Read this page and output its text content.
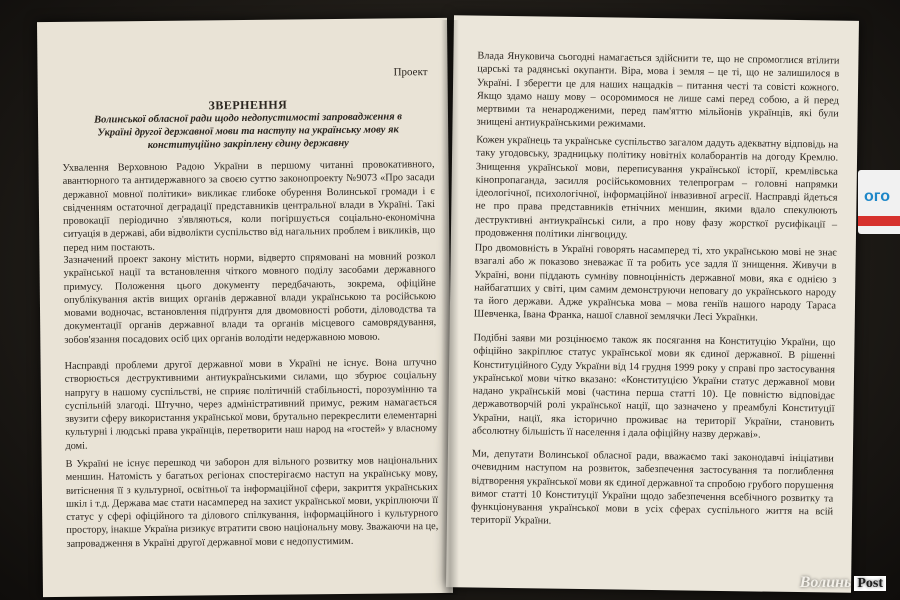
Проект
ЗВЕРНЕННЯ
Волинської обласної ради щодо недопустимості запровадження в Україні другої державної мови та наступу на українську мову як конституційно закріплену єдину державну
Ухвалення Верховною Радою України в першому читанні провокативного, авантюрного та антидержавного за своєю суттю законопроекту №9073 «Про засади державної мовної політики» викликає глибоке обурення Волинської громади і є свідченням остаточної деградації представників центральної влади в Україні. Такі провокації періодично з'являються, коли погіршується соціально-економічна ситуація в державі, аби відволікти суспільство від нагальних проблем і викликів, що перед ним постають.
Зазначений проект закону містить норми, відверто спрямовані на мовний розкол української нації та встановлення чіткого мовного поділу засобами державного примусу. Положення цього документу передбачають, зокрема, офіційне опублікування актів вищих органів державної влади українською та російською мовами водночас, встановлення підґрунтя для двомовності роботи, діловодства та документації органів державної влади та органів місцевого самоврядування, зобов'язання посадових осіб цих органів володіти недержавною мовою.
Насправді проблеми другої державної мови в Україні не існує. Вона штучно створюється деструктивними антиукраїнськими силами, що збурює соціальну напругу в нашому суспільстві, не сприяє політичній стабільності, порозумінню та суспільній злагоді. Штучно, через адміністративний примус, режим намагається звузити сферу використання української мови, брутально перекреслити елементарні культурні і людські права українців, перетворити наш народ на «гостей» у власному домі.
В Україні не існує перешкод чи заборон для вільного розвитку мов національних меншин. Натомість у багатьох регіонах спостерігаємо наступ на українську мову, витіснення її з культурної, освітньої та інформаційної сфери, закриття українських шкіл і т.д. Держава має стати насамперед на захист української мови, укріплюючи її статус у сфері офіційного та ділового спілкування, інформаційного і культурного простору, інакше Україна ризикує втратити свою національну мову. Зважаючи на це, запровадження в Україні другої державної мови є недопустимим.
Влада Януковича сьогодні намагається здійснити те, що не спромоглися втілити царські та радянські окупанти. Віра, мова і земля – це ті, що не залишилося в Україні. І зберегти це для наших нащадків – питання честі та совісті кожного. Якщо здамо нашу мову – осоромимося не лише самі перед собою, а й перед мертвими та ненародженими, перед пам'яттю мільйонів українців, які були знищені антиукраїнськими режимами.
Кожен українець та українське суспільство загалом дадуть адекватну відповідь на таку угодовську, зрадницьку політику новітніх колаборантів на догоду Кремлю. Знищення української мови, переписування української історії, кремлівська кінопропаганда, засилля російськомовних телепрограм – головні напрямки ідеологічної, психологічної, інформаційної інвазивної агресії. Насправді йдеться не про права представників етнічних меншин, якими вдало спекулюють деструктивні антиукраїнські сили, а про нову фазу жорсткої русифікації – продовження політики лінгвоциду.
Про двомовність в Україні говорять насамперед ті, хто українською мові не знає взагалі або ж показово зневажає її та робить усе задля її знищення. Живучи в Україні, вони піддають сумніву повноцінність державної мови, яка є однією з найбагатших у світі, цим самим демонструючи неповагу до українського народу та його держави. Адже українська мова – мова геніїв нашого народу Тараса Шевченка, Івана Франка, нашої славної землячки Лесі Українки.
Подібні заяви ми розцінюємо також як посягання на Конституцію України, що офіційно закріплює статус української мови як єдиної державної. В рішенні Конституційного Суду України від 14 грудня 1999 року у справі про застосування української мови чітко вказано: «Конституцією України статус державної мови надано українській мові (частина перша статті 10). Це повністю відповідає державотворчій ролі української нації, що зазначено у преамбулі Конституції України, нації, яка історично проживає на території України, становить абсолютну більшість її населення і дала офіційну назву державі».
Ми, депутати Волинської обласної ради, вважаємо такі законодавчі ініціативи очевидним наступом на розвиток, забезпечення застосування та поглиблення відтворення української мови як єдиної державної та спробою грубого порушення вимог статті 10 Конституції України щодо забезпечення всебічного розвитку та функціонування української мови в усіх сферах суспільного життя на всій території України.
ого
Волинь Post
